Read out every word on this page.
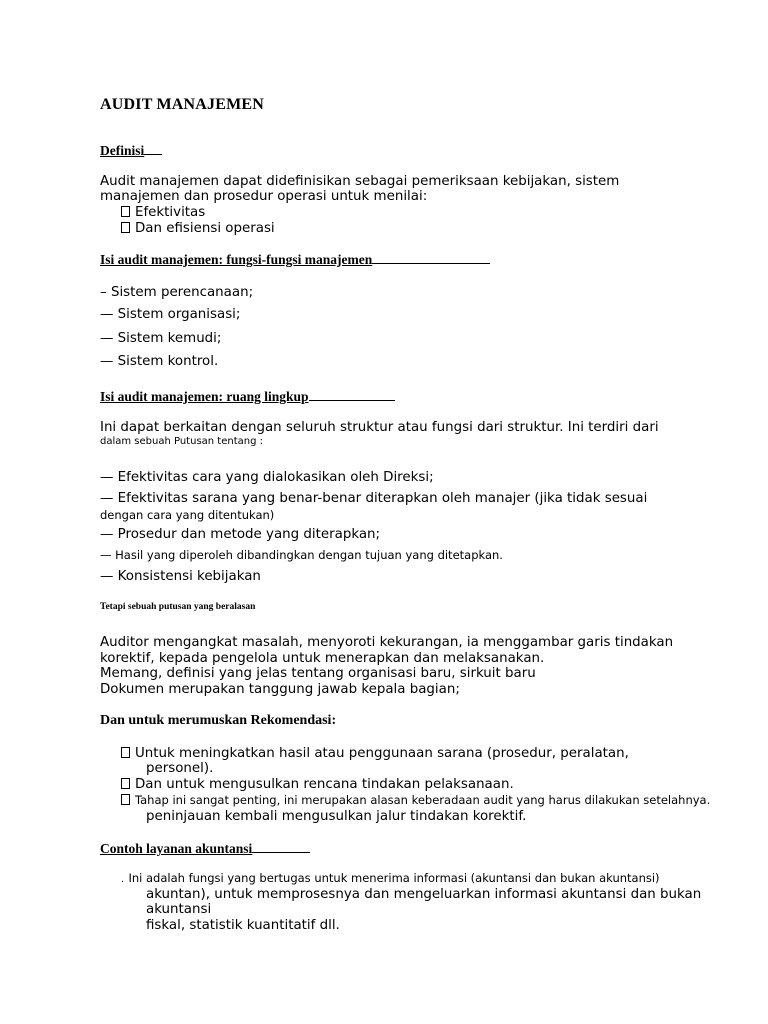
AUDIT MANAJEMEN
Definisi
Audit manajemen dapat didefinisikan sebagai pemeriksaan kebijakan, sistem
manajemen dan prosedur operasi untuk menilai:
Efektivitas
Dan efisiensi operasi
Isi audit manajemen: fungsi-fungsi manajemen
– Sistem perencanaan;
— Sistem organisasi;
— Sistem kemudi;
— Sistem kontrol.
Isi audit manajemen: ruang lingkup
Ini dapat berkaitan dengan seluruh struktur atau fungsi dari struktur. Ini terdiri dari
dalam sebuah Putusan tentang :
— Efektivitas cara yang dialokasikan oleh Direksi;
— Efektivitas sarana yang benar-benar diterapkan oleh manajer (jika tidak sesuai
dengan cara yang ditentukan)
— Prosedur dan metode yang diterapkan;
— Hasil yang diperoleh dibandingkan dengan tujuan yang ditetapkan.
— Konsistensi kebijakan
Tetapi sebuah putusan yang beralasan
Auditor mengangkat masalah, menyoroti kekurangan, ia menggambar garis tindakan
korektif, kepada pengelola untuk menerapkan dan melaksanakan.
Memang, definisi yang jelas tentang organisasi baru, sirkuit baru
Dokumen merupakan tanggung jawab kepala bagian;
Dan untuk merumuskan Rekomendasi:
Untuk meningkatkan hasil atau penggunaan sarana (prosedur, peralatan,
personel).
Dan untuk mengusulkan rencana tindakan pelaksanaan.
Tahap ini sangat penting, ini merupakan alasan keberadaan audit yang harus dilakukan setelahnya.
peninjauan kembali mengusulkan jalur tindakan korektif.
Contoh layanan akuntansi
. Ini adalah fungsi yang bertugas untuk menerima informasi (akuntansi dan bukan akuntansi)
akuntan), untuk memprosesnya dan mengeluarkan informasi akuntansi dan bukan
akuntansi
fiskal, statistik kuantitatif dll.
